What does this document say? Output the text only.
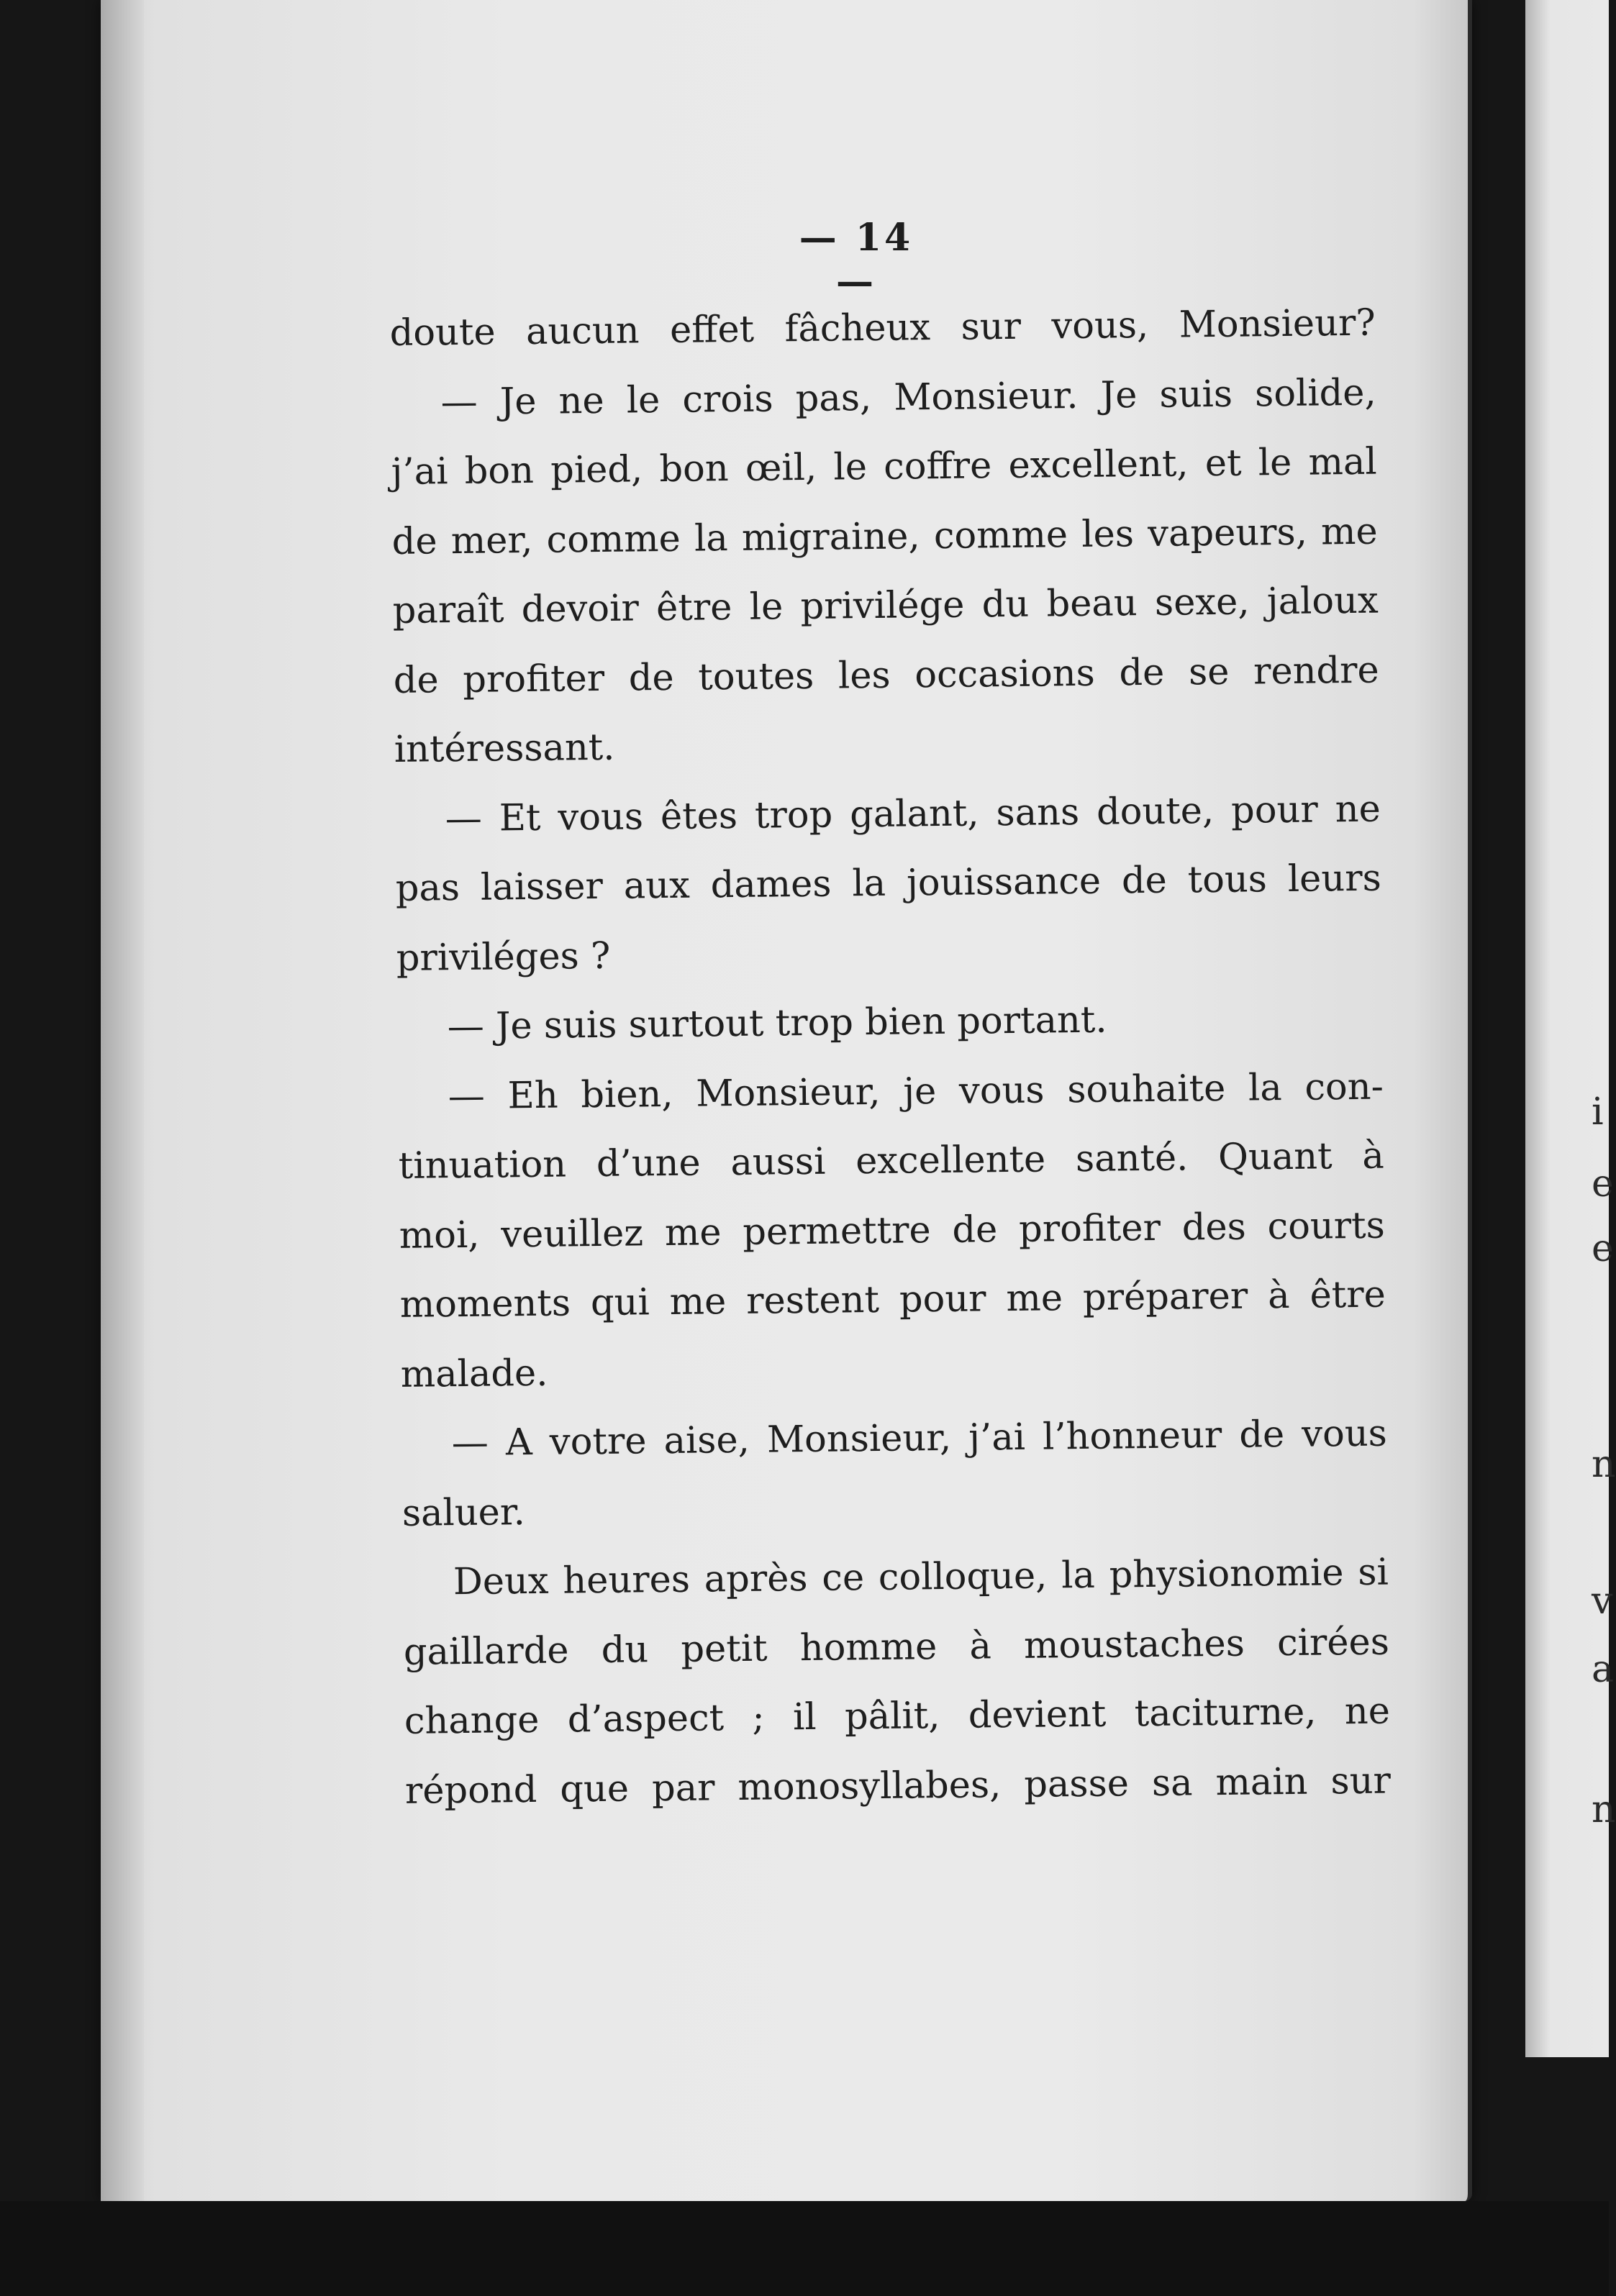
— 14 —
doute aucun effet fâcheux sur vous, Monsieur?
— Je ne le crois pas, Monsieur. Je suis solide,
j’ai bon pied, bon œil, le coffre excellent, et le mal
de mer, comme la migraine, comme les vapeurs, me
paraît devoir être le privilége du beau sexe, jaloux
de profiter de toutes les occasions de se rendre
intéressant.
— Et vous êtes trop galant, sans doute, pour ne
pas laisser aux dames la jouissance de tous leurs
priviléges ?
— Je suis surtout trop bien portant.
— Eh bien, Monsieur, je vous souhaite la con-
tinuation d’une aussi excellente santé. Quant à
moi, veuillez me permettre de profiter des courts
moments qui me restent pour me préparer à être
malade.
— A votre aise, Monsieur, j’ai l’honneur de vous
saluer.
Deux heures après ce colloque, la physionomie si
gaillarde du petit homme à moustaches cirées
change d’aspect ; il pâlit, devient taciturne, ne
répond que par monosyllabes, passe sa main sur
i
e
e
n
v
a
n
